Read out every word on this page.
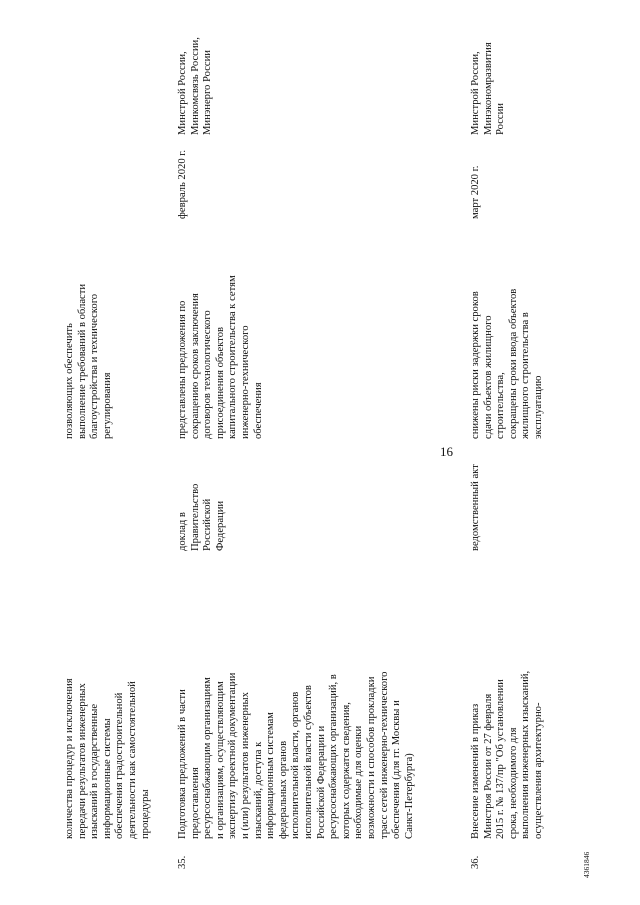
16
4361846
количества процедур и исключения
передачи результатов инженерных
изысканий в государственные
информационные системы
обеспечения градостроительной
деятельности как самостоятельной
процедуры
позволяющих обеспечить
выполнение требований в области
благоустройства и технического
регулирования
35.
Подготовка предложений в части
предоставления
ресурсоснабжающим организациям
и организациям, осуществляющим
экспертизу проектной документации
и (или) результатов инженерных
изысканий, доступа к
информационным системам
федеральных органов
исполнительной власти, органов
исполнительной власти субъектов
Российской Федерации и
ресурсоснабжающих организаций, в
которых содержатся сведения,
необходимые для оценки
возможности и способов прокладки
трасс сетей инженерно-технического
обеспечения (для гг. Москвы и
Санкт-Петербурга)
доклад в
Правительство
Российской
Федерации
представлены предложения по
сокращению сроков заключения
договоров технологического
присоединения объектов
капитального строительства к сетям
инженерно-технического
обеспечения
февраль 2020 г.
Минстрой России,
Минкомсвязь России,
Минэнерго России
36.
Внесение изменений в приказ
Минстроя России от 27 февраля
2015 г. № 137/пр "Об установлении
срока, необходимого для
выполнения инженерных изысканий,
осуществления архитектурно-
ведомственный акт
снижены риски задержки сроков
сдачи объектов жилищного
строительства,
сокращены сроки ввода объектов
жилищного строительства в
эксплуатацию
март 2020 г.
Минстрой России,
Минэкономразвития
России
